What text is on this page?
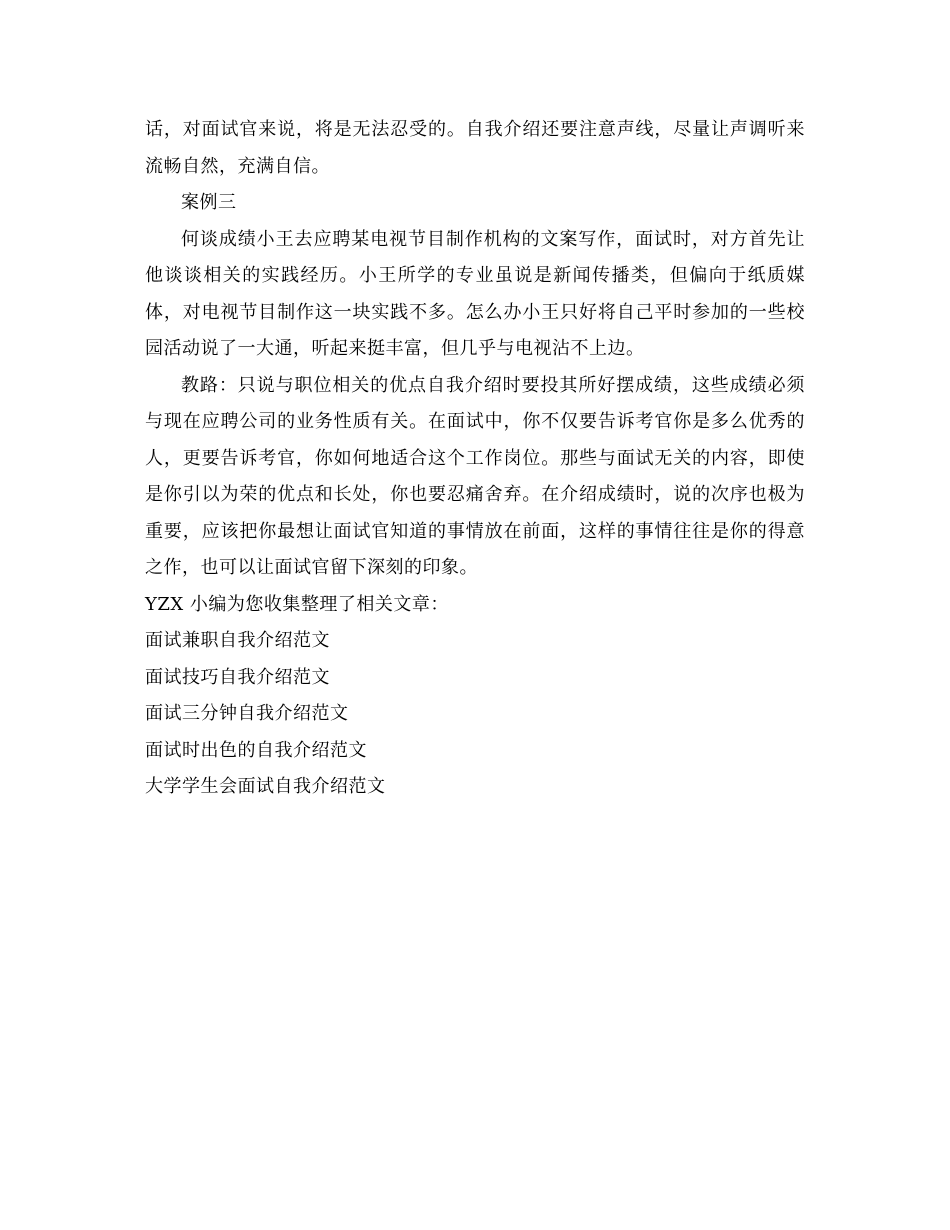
话，对面试官来说，将是无法忍受的。自我介绍还要注意声线，尽量让声调听来流畅自然，充满自信。

案例三

何谈成绩小王去应聘某电视节目制作机构的文案写作，面试时，对方首先让他谈谈相关的实践经历。小王所学的专业虽说是新闻传播类，但偏向于纸质媒体，对电视节目制作这一块实践不多。怎么办小王只好将自己平时参加的一些校园活动说了一大通，听起来挺丰富，但几乎与电视沾不上边。

教路：只说与职位相关的优点自我介绍时要投其所好摆成绩，这些成绩必须与现在应聘公司的业务性质有关。在面试中，你不仅要告诉考官你是多么优秀的人，更要告诉考官，你如何地适合这个工作岗位。那些与面试无关的内容，即使是你引以为荣的优点和长处，你也要忍痛舍弃。在介绍成绩时，说的次序也极为重要，应该把你最想让面试官知道的事情放在前面，这样的事情往往是你的得意之作，也可以让面试官留下深刻的印象。

YZX 小编为您收集整理了相关文章：

面试兼职自我介绍范文

面试技巧自我介绍范文

面试三分钟自我介绍范文

面试时出色的自我介绍范文

大学学生会面试自我介绍范文
